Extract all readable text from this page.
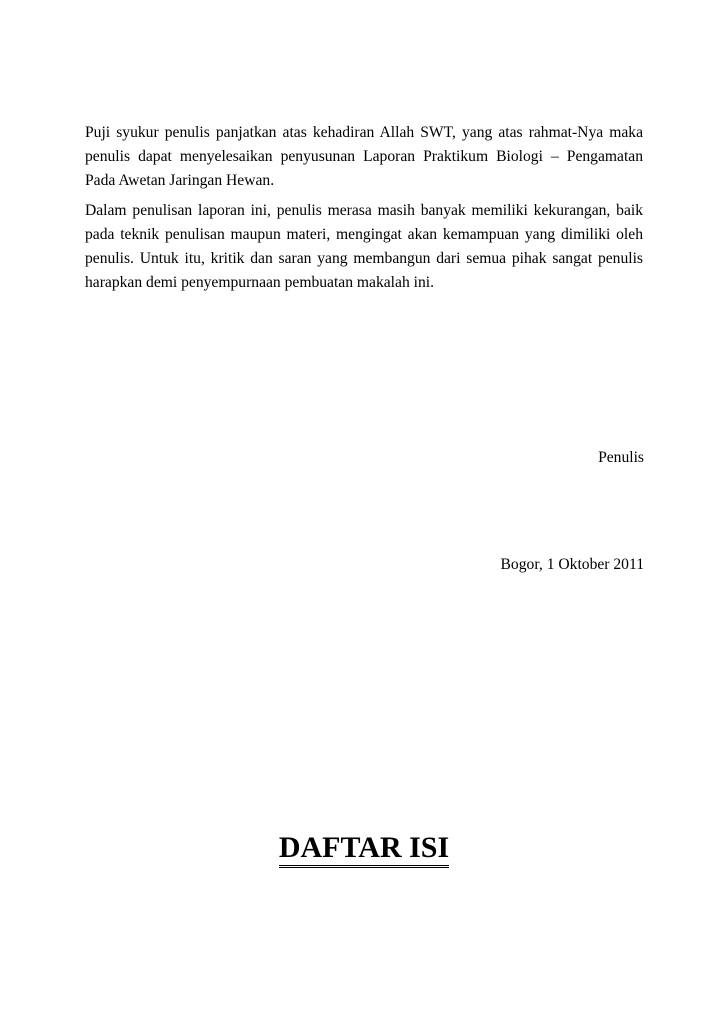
Puji syukur penulis panjatkan atas kehadiran Allah SWT, yang atas rahmat-Nya maka penulis dapat menyelesaikan penyusunan Laporan Praktikum Biologi – Pengamatan Pada Awetan Jaringan Hewan.

Dalam penulisan laporan ini, penulis merasa masih banyak memiliki kekurangan, baik pada teknik penulisan maupun materi, mengingat akan kemampuan yang dimiliki oleh penulis. Untuk itu, kritik dan saran yang membangun dari semua pihak sangat penulis harapkan demi penyempurnaan pembuatan makalah ini.

Penulis
Bogor, 1 Oktober 2011
DAFTAR ISI
